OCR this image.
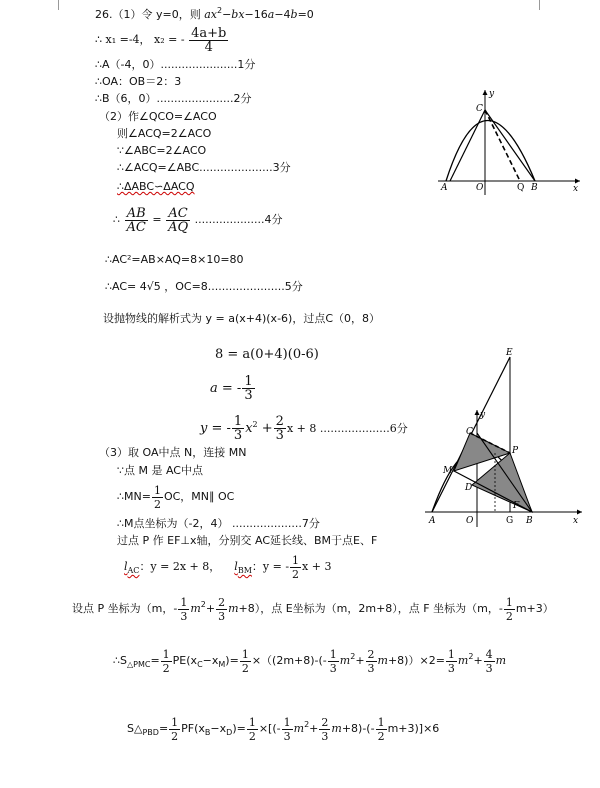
26.（1）令 y=0，则 $ax^2-bx-16a-4b=0$
∴ x₁ =-4， x₂ = - $\frac{4a+b}{4}$
∴A（-4，0）......................1分
∴OA：OB＝2：3
∴B（6，0）......................2分
（2）作∠QCO=∠ACO
则∠ACQ=2∠ACO
∵∠ABC=2∠ACO
∴∠ACQ=∠ABC.....................3分
∴ΔABC∽ΔACQ
∴ $\frac{AB}{AC} = \frac{AC}{AQ} ....................4$分
∴AC²=AB×AQ=8×10=80
∴AC= 4√5 ，OC=8......................5分
设抛物线的解析式为 y = a(x+4)(x-6)，过点C（0，8）
8 = a(0+4)(0-6)
a = - $\frac{1}{3}$
y = - $\frac{1}{3} x^2 + \frac{2}{3}$ x + 8 ....................6分
（3）取 OA中点 N，连接 MN
∵点 M 是 AC中点
∴MN= $\frac{1}{2}$ OC，MN∥ OC
∴M点坐标为（-2，4） ....................7分
过点 P 作 EF⊥x轴，分别交 AC延长线、BM于点E、F
$l_{AC}$：y = 2x + 8， $l_{BM}$：y = - $\frac{1}{2}$ x + 3
设点 P 坐标为（m，- $\frac{1}{3} m^2+ \frac{2}{3} m+8$），点 E坐标为（m，2m+8），点 F 坐标为（m，- $\frac{1}{2} m+3$）
$\therefore S_{\triangle PMC}= \frac{1}{2} PE(x_C-x_M)= \frac{1}{2} \times((2m+8)-(- \frac{1}{3} m^2+ \frac{2}{3} m+8))\times 2= \frac{1}{3} m^2+ \frac{4}{3}$ m
$S\triangle_{PBD}= \frac{1}{2} PF(x_B-x_D)= \frac{1}{2}$ ×[(- $\frac{1}{3} m^2+ \frac{2}{3} m+8)-(- \frac{1}{2} m+3)]\times 6$
y
C
A	O	Q B	x
E
y
C
P
M
D
A	O	G
F
B	x
